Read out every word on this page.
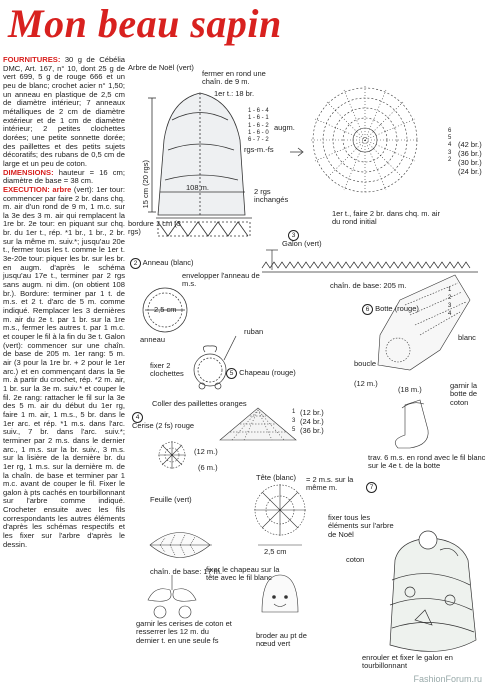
Mon beau sapin

FOURNITURES: 30 g de Cébélia DMC, Art. 167, n° 10, dont 25 g de vert 699, 5 g de rouge 666 et un peu de blanc; crochet acier n° 1,50; un anneau en plastique de 2,5 cm de diamètre intérieur; 7 anneaux métalliques de 2 cm de diamètre extérieur et de 1 cm de diamètre intérieur; 2 petites clochettes dorées; une petite sonnette dorée; des paillettes et des petits sujets décoratifs; des rubans de 0,5 cm de large et un peu de coton.

DIMENSIONS: hauteur = 16 cm; diamètre de base = 38 cm.

EXECUTION: arbre (vert): 1er tour: commencer par faire 2 br. dans chq. m. air d'un rond de 9 m, 1 m.c. sur la 3e des 3 m. air qui remplacent la 1re br. 2e tour: en piquant sur chq. br. du 1er t., rép. *1 br., 1 br., 2 br. sur la même m. suiv.*; jusqu'au 20e t., fermer tous les t. comme le 1er t. 3e-20e tour: piquer les br. sur les br. en augm. d'après le schéma jusqu'au 17e t., terminer par 2 rgs sans augm. ni dim. (on obtient 108 br.). Bordure: terminer par 1 t. de m.s. et 2 t. d'arc de 5 m. comme indiqué. Remplacer les 3 dernières m. air du 2e t. par 1 br. sur la 1re m.s., fermer les autres t. par 1 m.c. et couper le fil à la fin du 3e t. Galon (vert): commencer sur une chaîn. de base de 205 m. 1er rang: 5 m. air (3 pour la 1re br. + 2 pour le 1er arc.) et en commençant dans la 9e m. à partir du crochet, rép. *2 m. air, 1 br. sur la 3e m. suiv.* et couper le fil. 2e rang: rattacher le fil sur la 3e des 5 m. air du début du 1er rg, faire 1 m. air, 1 m.s., 5 br. dans le 1er arc. et rép. *1 m.s. dans l'arc. suiv., 7 br. dans l'arc. suiv.*; terminer par 2 m.s. dans le dernier arc., 1 m.s. sur la br. suiv., 3 m.s. sur la lisière de la dernière br. du 1er rg, 1 m.s. sur la dernière m. de la chaîn. de base et terminer par 1 m.c. avant de couper le fil. Fixer le galon à pts cachés en tourbillonnant sur l'arbre comme indiqué. Crocheter ensuite avec les fils correspondants les autres éléments d'après les schémas respectifs et les fixer sur l'arbre d'après le dessin.

Arbre de Noël (vert)
fermer en rond une chaîn. de 9 m.
1er t.: 18 br.
1 - 6 - 4
1 - 6 - 1
1 - 6 - 2
1 - 6 - 0
6 - 7 - 2
augm.
rgs-m.-fs
15 cm (20 rgs)	108 m.	2 rgs inchangés
bordure 1 cm (3 rgs)
1er t., faire 2 br. dans chq. m. air du rond initial
(42 br.)
(36 br.)
(30 br.)
(24 br.)
6
5
4
3
2
3
Galon (vert)
chaîn. de base: 205 m.
2 Anneau (blanc)
envelopper l'anneau de m.s.
2,5 cm
anneau
ruban
fixer 2 clochettes
Coller des paillettes oranges
4
Cerise (2 fs) rouge
(12 m.)
(6 m.)
5 Chapeau (rouge)
(12 br.)
(24 br.)
(36 br.)
1
3
5
6 Botte (rouge)
1
2
3
4
blanc
boucle
(12 m.)
(18 m.)	garnir la botte de coton
trav. 6 m.s. en rond avec le fil blanc sur le 4e t. de la botte
Feuille (vert)
chaîn. de base: 17 m.
Tête (blanc) = 2 m.s. sur la même m.	7
2,5 cm
fixer le chapeau sur la tête avec le fil blanc
garnir les cerises de coton et resserrer les 12 m. du dernier t. en une seule fs
broder au pt de nœud vert
fixer tous les éléments sur l'arbre de Noël
coton
enrouler et fixer le galon en tourbillonnant
FashionForum.ru
